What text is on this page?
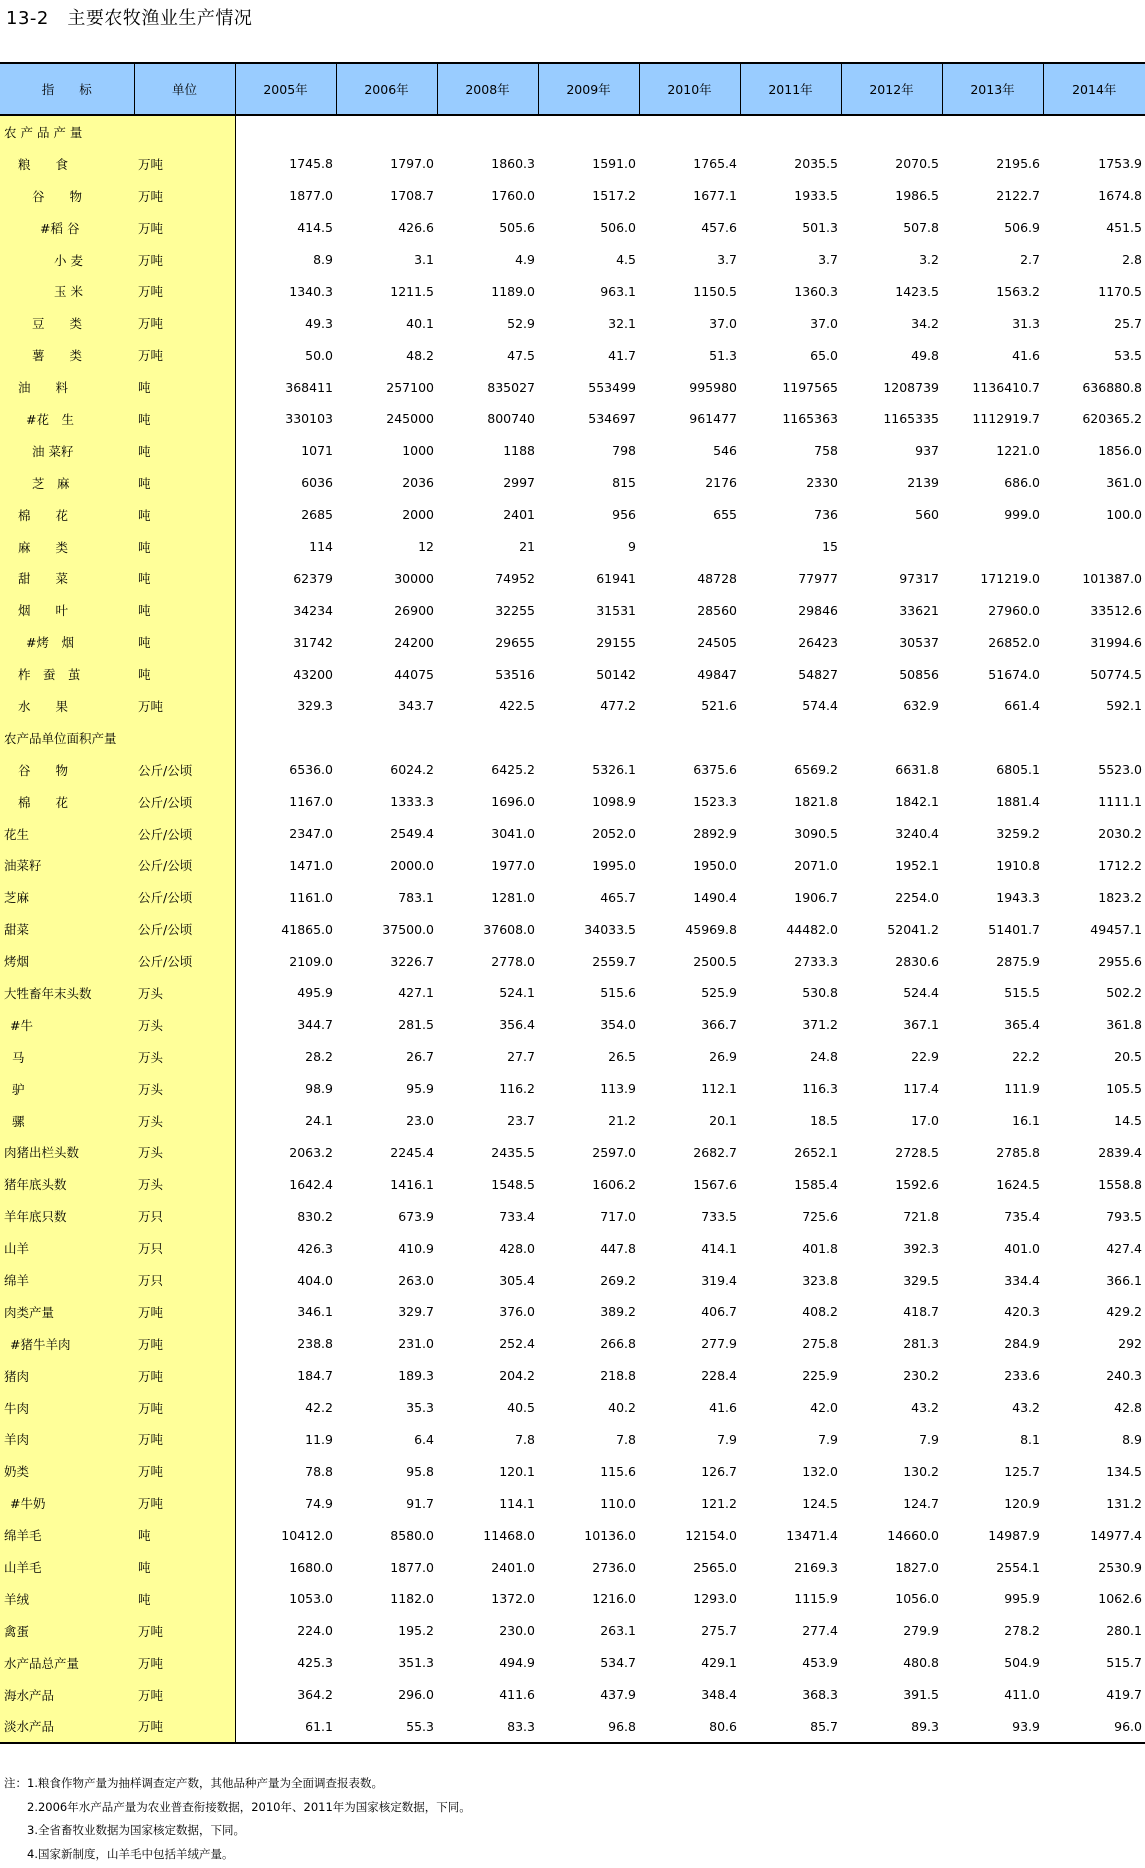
13-2　主要农牧渔业生产情况
指　　标	单位	2005年	2006年	2008年	2009年	2010年	2011年	2012年	2013年	2014年
农 产 品 产 量										
粮　　食	万吨	1745.8	1797.0	1860.3	1591.0	1765.4	2035.5	2070.5	2195.6	1753.9
谷　　物	万吨	1877.0	1708.7	1760.0	1517.2	1677.1	1933.5	1986.5	2122.7	1674.8
#稻 谷	万吨	414.5	426.6	505.6	506.0	457.6	501.3	507.8	506.9	451.5
小 麦	万吨	8.9	3.1	4.9	4.5	3.7	3.7	3.2	2.7	2.8
玉 米	万吨	1340.3	1211.5	1189.0	963.1	1150.5	1360.3	1423.5	1563.2	1170.5
豆　　类	万吨	49.3	40.1	52.9	32.1	37.0	37.0	34.2	31.3	25.7
薯　　类	万吨	50.0	48.2	47.5	41.7	51.3	65.0	49.8	41.6	53.5
油　　料	吨	368411	257100	835027	553499	995980	1197565	1208739	1136410.7	636880.8
#花　生	吨	330103	245000	800740	534697	961477	1165363	1165335	1112919.7	620365.2
油 菜籽	吨	1071	1000	1188	798	546	758	937	1221.0	1856.0
芝　麻	吨	6036	2036	2997	815	2176	2330	2139	686.0	361.0
棉　　花	吨	2685	2000	2401	956	655	736	560	999.0	100.0
麻　　类	吨	114	12	21	9		15			
甜　　菜	吨	62379	30000	74952	61941	48728	77977	97317	171219.0	101387.0
烟　　叶	吨	34234	26900	32255	31531	28560	29846	33621	27960.0	33512.6
#烤　烟	吨	31742	24200	29655	29155	24505	26423	30537	26852.0	31994.6
柞　蚕　茧	吨	43200	44075	53516	50142	49847	54827	50856	51674.0	50774.5
水　　果	万吨	329.3	343.7	422.5	477.2	521.6	574.4	632.9	661.4	592.1
农产品单位面积产量										
谷　　物	公斤/公顷	6536.0	6024.2	6425.2	5326.1	6375.6	6569.2	6631.8	6805.1	5523.0
棉　　花	公斤/公顷	1167.0	1333.3	1696.0	1098.9	1523.3	1821.8	1842.1	1881.4	1111.1
花生	公斤/公顷	2347.0	2549.4	3041.0	2052.0	2892.9	3090.5	3240.4	3259.2	2030.2
油菜籽	公斤/公顷	1471.0	2000.0	1977.0	1995.0	1950.0	2071.0	1952.1	1910.8	1712.2
芝麻	公斤/公顷	1161.0	783.1	1281.0	465.7	1490.4	1906.7	2254.0	1943.3	1823.2
甜菜	公斤/公顷	41865.0	37500.0	37608.0	34033.5	45969.8	44482.0	52041.2	51401.7	49457.1
烤烟	公斤/公顷	2109.0	3226.7	2778.0	2559.7	2500.5	2733.3	2830.6	2875.9	2955.6
大牲畜年末头数	万头	495.9	427.1	524.1	515.6	525.9	530.8	524.4	515.5	502.2
#牛	万头	344.7	281.5	356.4	354.0	366.7	371.2	367.1	365.4	361.8
马	万头	28.2	26.7	27.7	26.5	26.9	24.8	22.9	22.2	20.5
驴	万头	98.9	95.9	116.2	113.9	112.1	116.3	117.4	111.9	105.5
骡	万头	24.1	23.0	23.7	21.2	20.1	18.5	17.0	16.1	14.5
肉猪出栏头数	万头	2063.2	2245.4	2435.5	2597.0	2682.7	2652.1	2728.5	2785.8	2839.4
猪年底头数	万头	1642.4	1416.1	1548.5	1606.2	1567.6	1585.4	1592.6	1624.5	1558.8
羊年底只数	万只	830.2	673.9	733.4	717.0	733.5	725.6	721.8	735.4	793.5
山羊	万只	426.3	410.9	428.0	447.8	414.1	401.8	392.3	401.0	427.4
绵羊	万只	404.0	263.0	305.4	269.2	319.4	323.8	329.5	334.4	366.1
肉类产量	万吨	346.1	329.7	376.0	389.2	406.7	408.2	418.7	420.3	429.2
#猪牛羊肉	万吨	238.8	231.0	252.4	266.8	277.9	275.8	281.3	284.9	292
猪肉	万吨	184.7	189.3	204.2	218.8	228.4	225.9	230.2	233.6	240.3
牛肉	万吨	42.2	35.3	40.5	40.2	41.6	42.0	43.2	43.2	42.8
羊肉	万吨	11.9	6.4	7.8	7.8	7.9	7.9	7.9	8.1	8.9
奶类	万吨	78.8	95.8	120.1	115.6	126.7	132.0	130.2	125.7	134.5
#牛奶	万吨	74.9	91.7	114.1	110.0	121.2	124.5	124.7	120.9	131.2
绵羊毛	吨	10412.0	8580.0	11468.0	10136.0	12154.0	13471.4	14660.0	14987.9	14977.4
山羊毛	吨	1680.0	1877.0	2401.0	2736.0	2565.0	2169.3	1827.0	2554.1	2530.9
羊绒	吨	1053.0	1182.0	1372.0	1216.0	1293.0	1115.9	1056.0	995.9	1062.6
禽蛋	万吨	224.0	195.2	230.0	263.1	275.7	277.4	279.9	278.2	280.1
水产品总产量	万吨	425.3	351.3	494.9	534.7	429.1	453.9	480.8	504.9	515.7
海水产品	万吨	364.2	296.0	411.6	437.9	348.4	368.3	391.5	411.0	419.7
淡水产品	万吨	61.1	55.3	83.3	96.8	80.6	85.7	89.3	93.9	96.0
注：1.粮食作物产量为抽样调查定产数，其他品种产量为全面调查报表数。
　　2.2006年水产品产量为农业普查衔接数据，2010年、2011年为国家核定数据，下同。
　　3.全省畜牧业数据为国家核定数据，下同。
　　4.国家新制度，山羊毛中包括羊绒产量。
